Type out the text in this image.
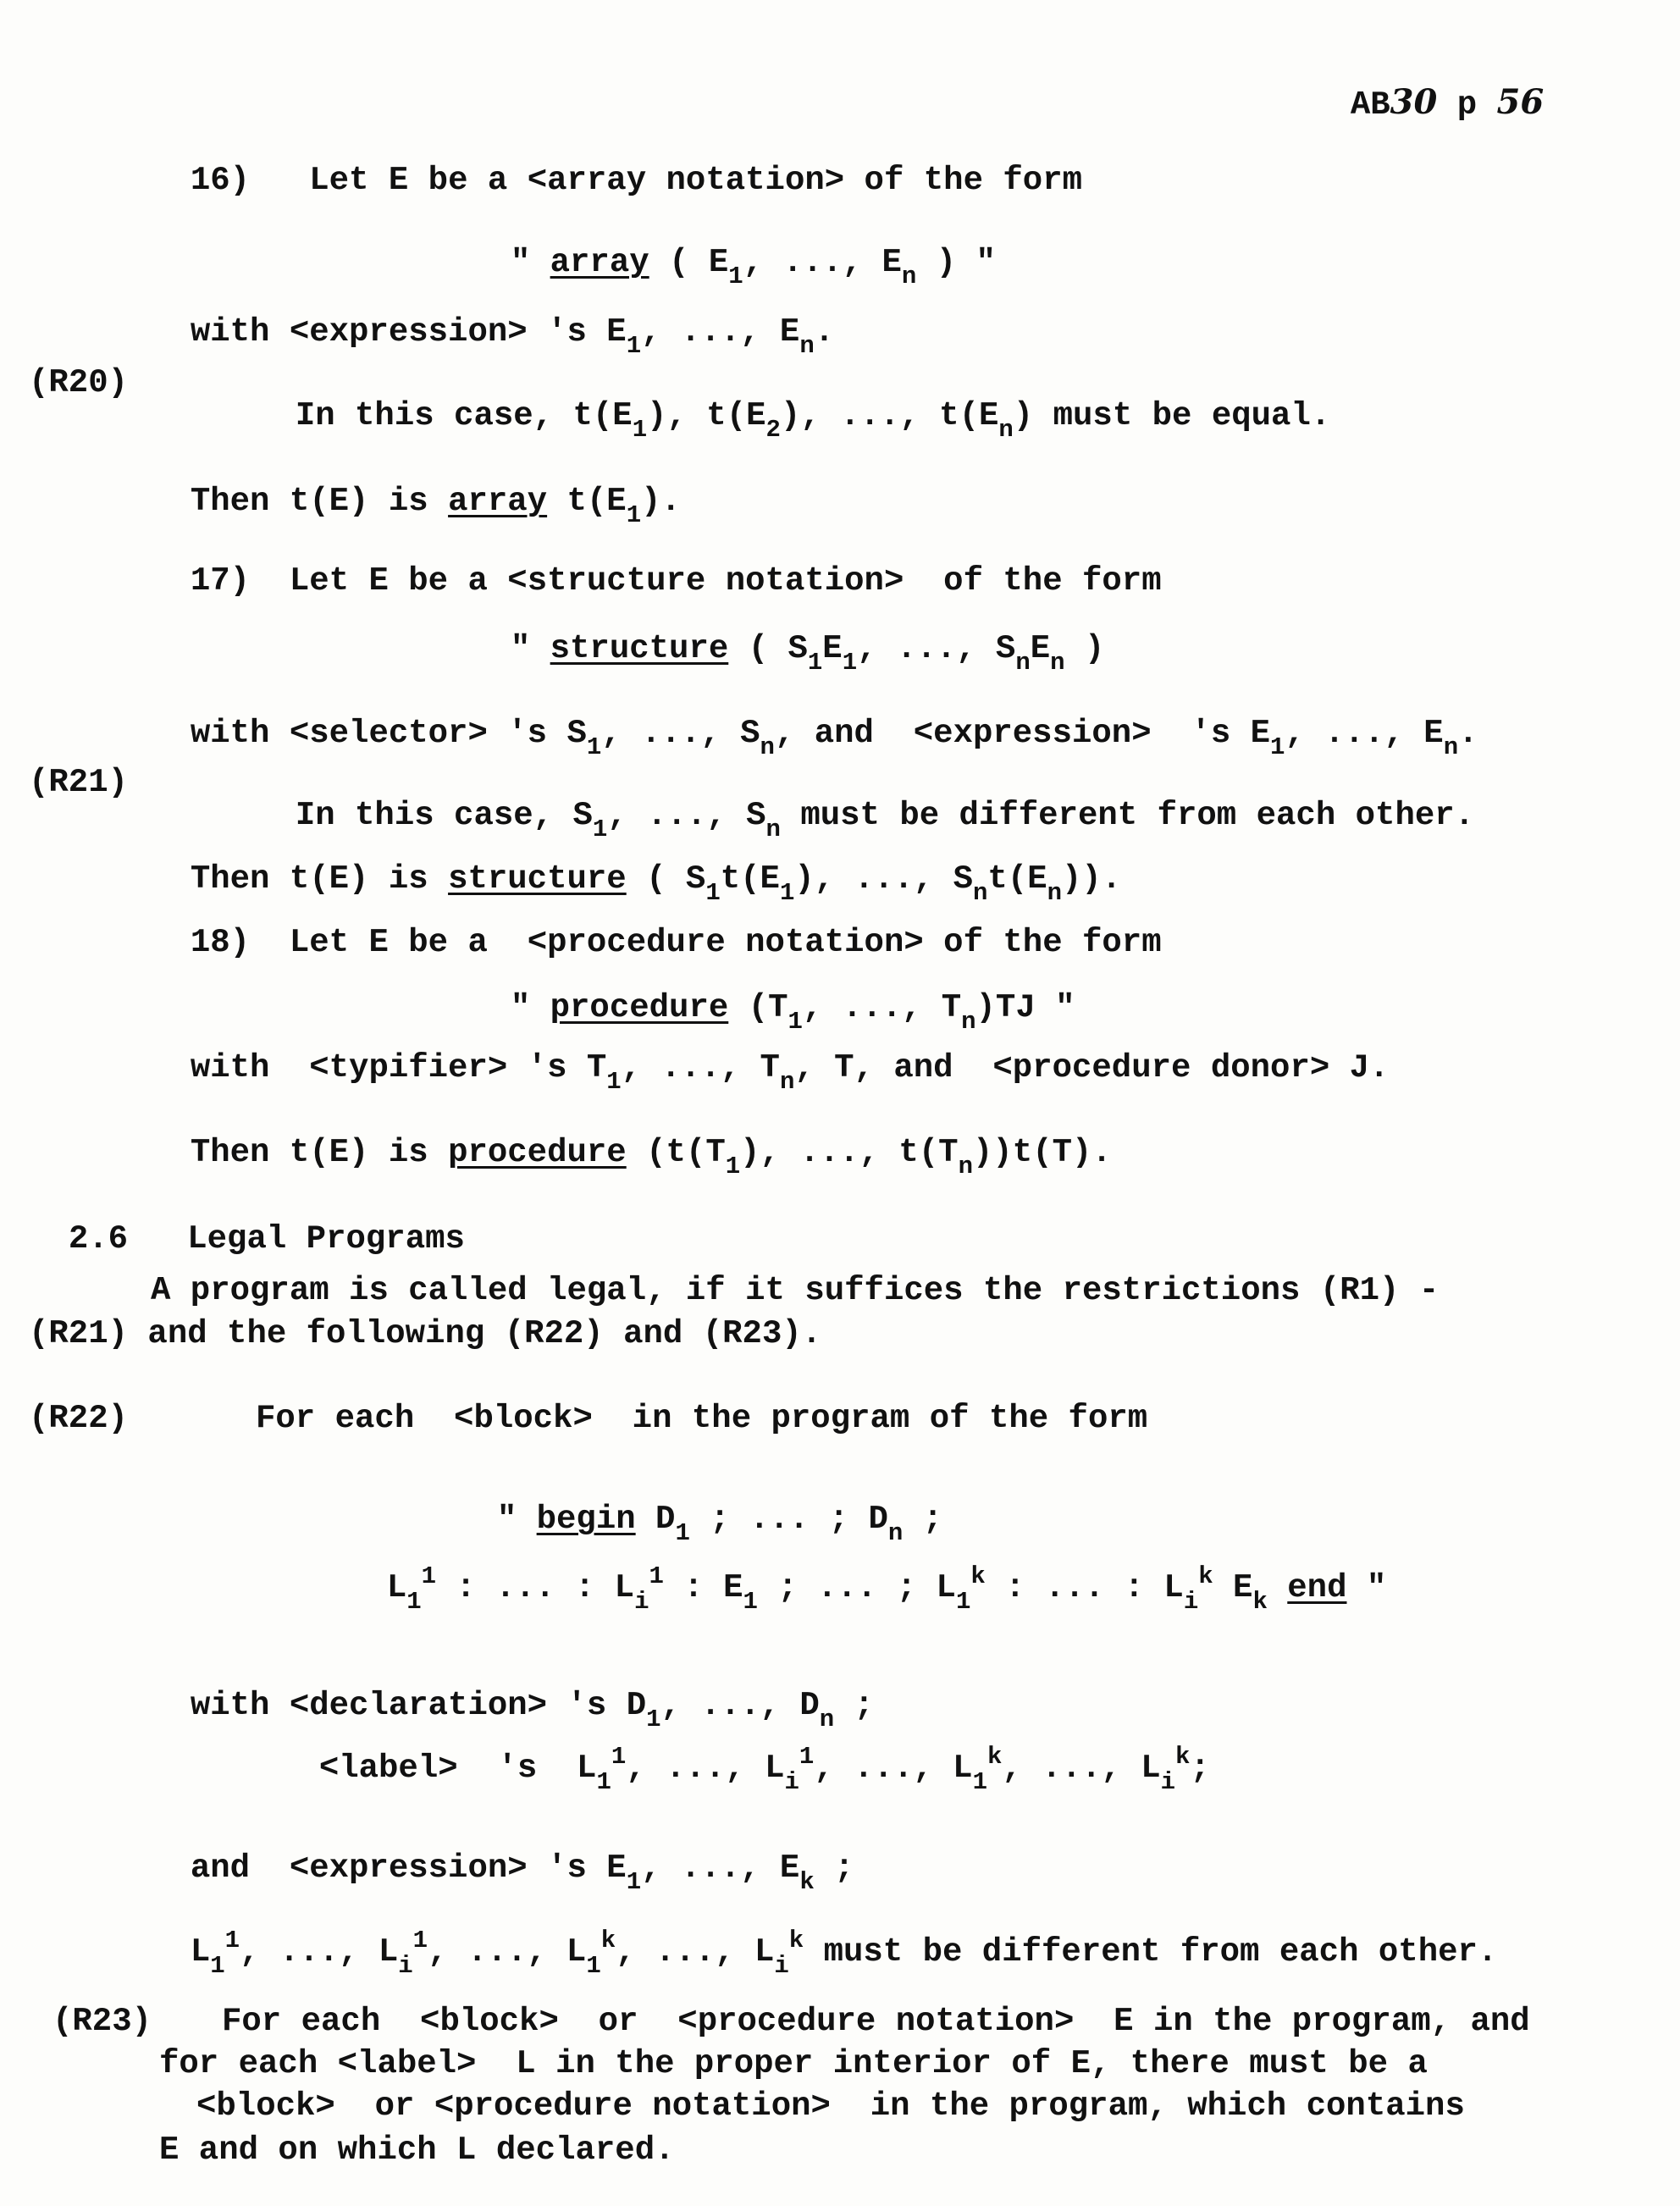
AB30 p 56

16) Let E be a <array notation> of the form

" array ( $E_1$, ..., $E_n$ ) "

with <expression> 's $E_1$, ..., $E_n$.

(R20)

In this case, $t(E_1)$, $t(E_2)$, ..., $t(E_n)$ must be equal.

Then t(E) is array $t(E_1)$.

17) Let E be a <structure notation>  of the form

" structure ( $S_1E_1$, ..., $S_nE_n$ )

with <selector> 's $S_1$, ..., $S_n$, and  <expression>  's $E_1$, ..., $E_n$.

(R21)

In this case, $S_1$, ..., $S_n$ must be different from each other.

Then t(E) is structure ( $S_1t(E_1)$, ..., $S_nt(E_n)$).

18) Let E be a  <procedure notation> of the form

" procedure ($T_1$, ..., $T_n)TJ$ "

with  <typifier> 's $T_1$, ..., $T_n$, T, and  <procedure donor> J.

Then t(E) is procedure ($t(T_1)$, ..., $t(T_n))t(T)$.

2.6 Legal Programs

A program is called legal, if it suffices the restrictions (R1) -
(R21) and the following (R22) and (R23).
(R22)	For each  <block>  in the program of the form

" begin $D_1$ ; ... ; $D_n$ ;

$L_1^1$ : ... : $L_i^1$ : $E_1$ ; ... ; $L_1^k$ : ... : $L_i^k$ $E_k$ end "

with <declaration> 's $D_1$, ..., $D_n$ ;

<label>  's  $L_1^1$, ..., $L_i^1$, ..., $L_1^k$, ..., $L_i^k$;

and  <expression> 's $E_1$, ..., $E_k$ ;

$L_1^1$, ..., $L_i^1$, ..., $L_1^k$, ..., $L_i^k$ must be different from each other.

(R23) For each  <block>  or  <procedure notation>  E in the program, and
for each <label>  L in the proper interior of E, there must be a
<block>  or <procedure notation>  in the program, which contains
E and on which L declared.
